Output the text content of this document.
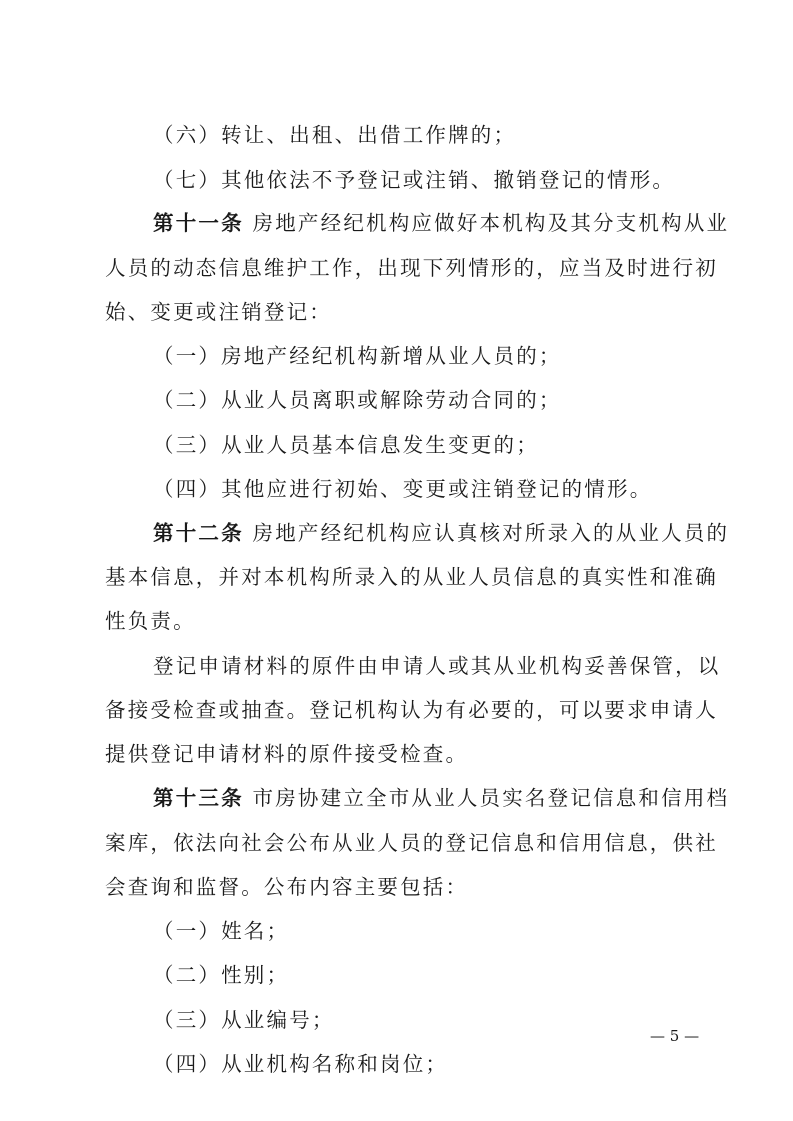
（六）转让、出租、出借工作牌的；
（七）其他依法不予登记或注销、撤销登记的情形。
第十一条 房地产经纪机构应做好本机构及其分支机构从业
人员的动态信息维护工作，出现下列情形的，应当及时进行初
始、变更或注销登记：
（一）房地产经纪机构新增从业人员的；
（二）从业人员离职或解除劳动合同的；
（三）从业人员基本信息发生变更的；
（四）其他应进行初始、变更或注销登记的情形。
第十二条 房地产经纪机构应认真核对所录入的从业人员的
基本信息，并对本机构所录入的从业人员信息的真实性和准确
性负责。
登记申请材料的原件由申请人或其从业机构妥善保管，以
备接受检查或抽查。登记机构认为有必要的，可以要求申请人
提供登记申请材料的原件接受检查。
第十三条 市房协建立全市从业人员实名登记信息和信用档
案库，依法向社会公布从业人员的登记信息和信用信息，供社
会查询和监督。公布内容主要包括：
（一）姓名；
（二）性别；
（三）从业编号；
（四）从业机构名称和岗位；
— 5 —
